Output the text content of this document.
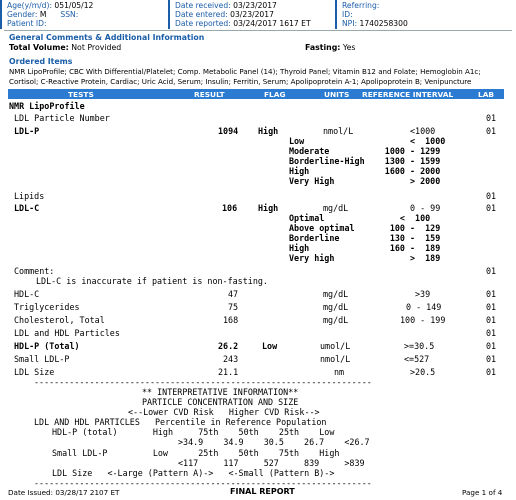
Age(y/m/d): 051/05/12
Gender: M SSN:
Patient ID:
Date received: 03/23/2017
Date entered: 03/23/2017
Date reported: 03/24/2017 1617 ET
Referring:
ID:
NPI: 1740258300
General Comments & Additional Information
Total Volume: Not Provided	Fasting: Yes
Ordered Items
NMR LipoProfile; CBC With Differential/Platelet; Comp. Metabolic Panel (14); Thyroid Panel; Vitamin B12 and Folate; Hemoglobin A1c;
Cortisol; C-Reactive Protein, Cardiac; Uric Acid, Serum; Insulin; Ferritin, Serum; Apolipoprotein A-1; Apolipoprotein B; Venipuncture
TESTS	RESULT	FLAG	UNITS REFERENCE INTERVAL	LAB
NMR LipoProfile
LDL Particle Number	01
LDL-P	1094 High	nmol/L	<1000	01
Low                     <  1000
Moderate           1000 - 1299
Borderline-High    1300 - 1599
High               1600 - 2000
Very High               > 2000
Lipids	01
LDL-C	106 High	mg/dL	0 - 99	01
Optimal               <  100
Above optimal       100 -  129
Borderline          130 -  159
High                160 -  189
Very high               >  189
Comment:	01
LDL-C is inaccurate if patient is non-fasting.
HDL-C	47	mg/dL	>39	01
Triglycerides	75	mg/dL	0 - 149	01
Cholesterol, Total	168	mg/dL	100 - 199	01
LDL and HDL Particles	01
HDL-P (Total)	26.2	Low	umol/L	>=30.5	01
Small LDL-P	243	nmol/L	<=527	01
LDL Size	21.1	nm	>20.5	01
-------------------------------------------------------------------
** INTERPRETATIVE INFORMATION**
PARTICLE CONCENTRATION AND SIZE
<--Lower CVD Risk   Higher CVD Risk-->
LDL AND HDL PARTICLES   Percentile in Reference Population
HDL-P (total)       High     75th    50th    25th    Low
>34.9    34.9    30.5    26.7    <26.7
Small LDL-P         Low      25th    50th    75th    High
<117     117     527     839     >839
LDL Size   <-Large (Pattern A)->   <-Small (Pattern B)->
-------------------------------------------------------------------
Date Issued: 03/28/17 2107 ET	FINAL REPORT	Page 1 of 4
